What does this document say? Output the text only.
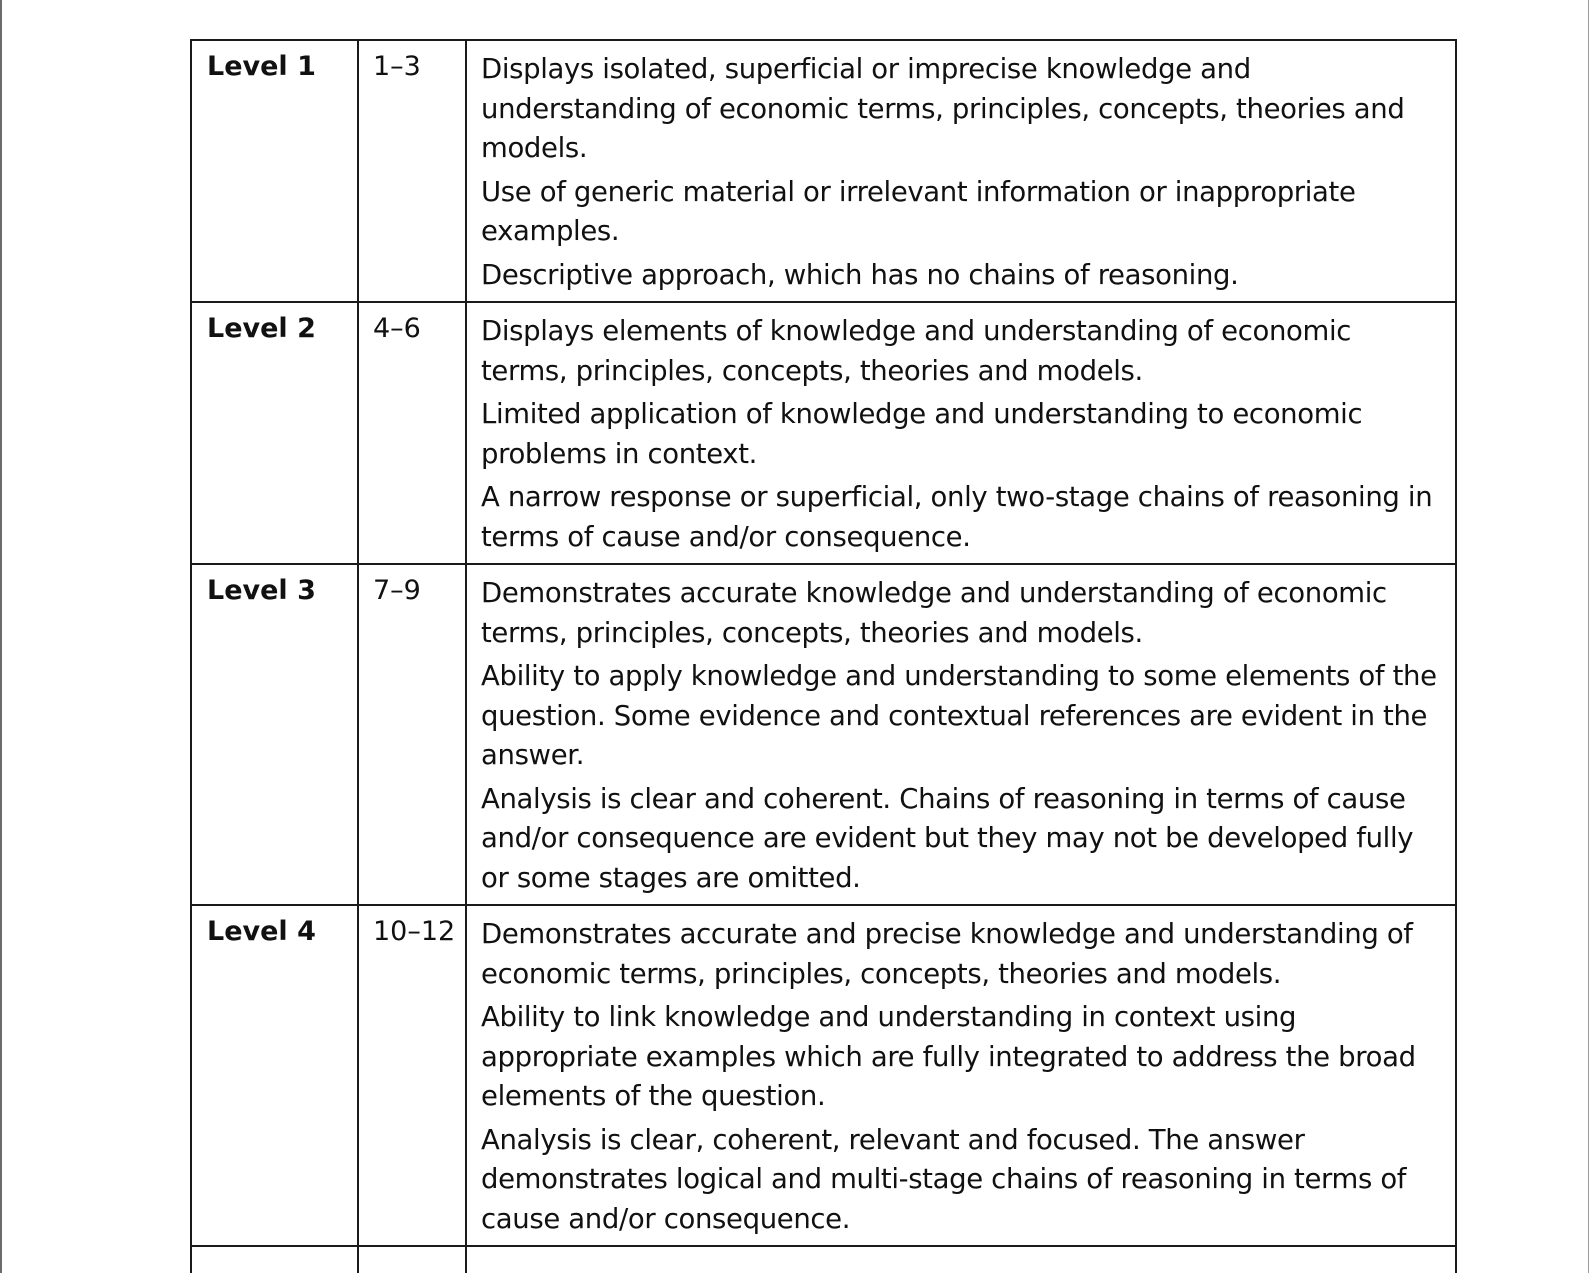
Level 1	1–3	Displays isolated, superficial or imprecise knowledge and understanding of economic terms, principles, concepts, theories and models.

Use of generic material or irrelevant information or inappropriate examples.

Descriptive approach, which has no chains of reasoning.

Level 2	4–6	Displays elements of knowledge and understanding of economic terms, principles, concepts, theories and models.

Limited application of knowledge and understanding to economic problems in context.

A narrow response or superficial, only two-stage chains of reasoning in terms of cause and/or consequence.

Level 3	7–9	Demonstrates accurate knowledge and understanding of economic terms, principles, concepts, theories and models.

Ability to apply knowledge and understanding to some elements of the question. Some evidence and contextual references are evident in the answer.

Analysis is clear and coherent. Chains of reasoning in terms of cause and/or consequence are evident but they may not be developed fully or some stages are omitted.

Level 4	10–12	Demonstrates accurate and precise knowledge and understanding of economic terms, principles, concepts, theories and models.

Ability to link knowledge and understanding in context using appropriate examples which are fully integrated to address the broad elements of the question.

Analysis is clear, coherent, relevant and focused. The answer demonstrates logical and multi-stage chains of reasoning in terms of cause and/or consequence.
